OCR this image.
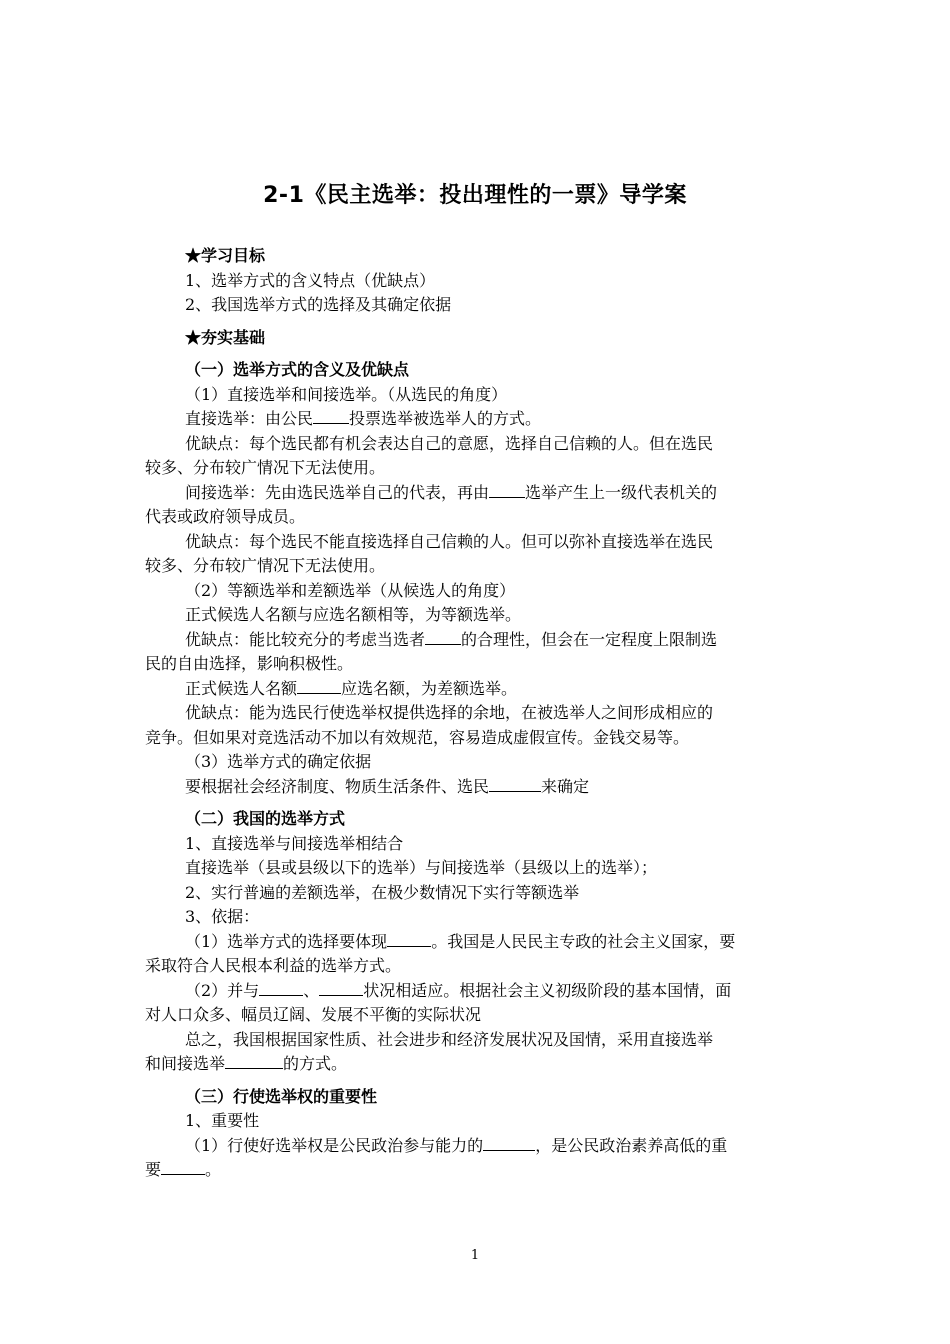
2-1《民主选举：投出理性的一票》导学案
★学习目标
1、选举方式的含义特点（优缺点）
2、我国选举方式的选择及其确定依据
★夯实基础
（一）选举方式的含义及优缺点
（1）直接选举和间接选举。（从选民的角度）
直接选举：由公民 投票选举被选举人的方式。
优缺点：每个选民都有机会表达自己的意愿，选择自己信赖的人。但在选民
较多、分布较广情况下无法使用。
间接选举：先由选民选举自己的代表，再由 选举产生上一级代表机关的
代表或政府领导成员。
优缺点：每个选民不能直接选择自己信赖的人。但可以弥补直接选举在选民
较多、分布较广情况下无法使用。
（2）等额选举和差额选举（从候选人的角度）
正式候选人名额与应选名额相等，为等额选举。
优缺点：能比较充分的考虑当选者 的合理性，但会在一定程度上限制选
民的自由选择，影响积极性。
正式候选人名额	应选名额，为差额选举。
优缺点：能为选民行使选举权提供选择的余地，在被选举人之间形成相应的
竞争。但如果对竞选活动不加以有效规范，容易造成虚假宣传。金钱交易等。
（3）选举方式的确定依据
要根据社会经济制度、物质生活条件、选民	来确定
（二）我国的选举方式
1、直接选举与间接选举相结合
直接选举（县或县级以下的选举）与间接选举（县级以上的选举）；
2、实行普遍的差额选举，在极少数情况下实行等额选举
3、依据：
（1）选举方式的选择要体现	。我国是人民民主专政的社会主义国家，要
采取符合人民根本利益的选举方式。
（2）并与	、	状况相适应。根据社会主义初级阶段的基本国情，面
对人口众多、幅员辽阔、发展不平衡的实际状况
总之，我国根据国家性质、社会进步和经济发展状况及国情，采用直接选举
和间接选举	的方式。
（三）行使选举权的重要性
1、重要性
（1）行使好选举权是公民政治参与能力的	，是公民政治素养高低的重
要	。
1
